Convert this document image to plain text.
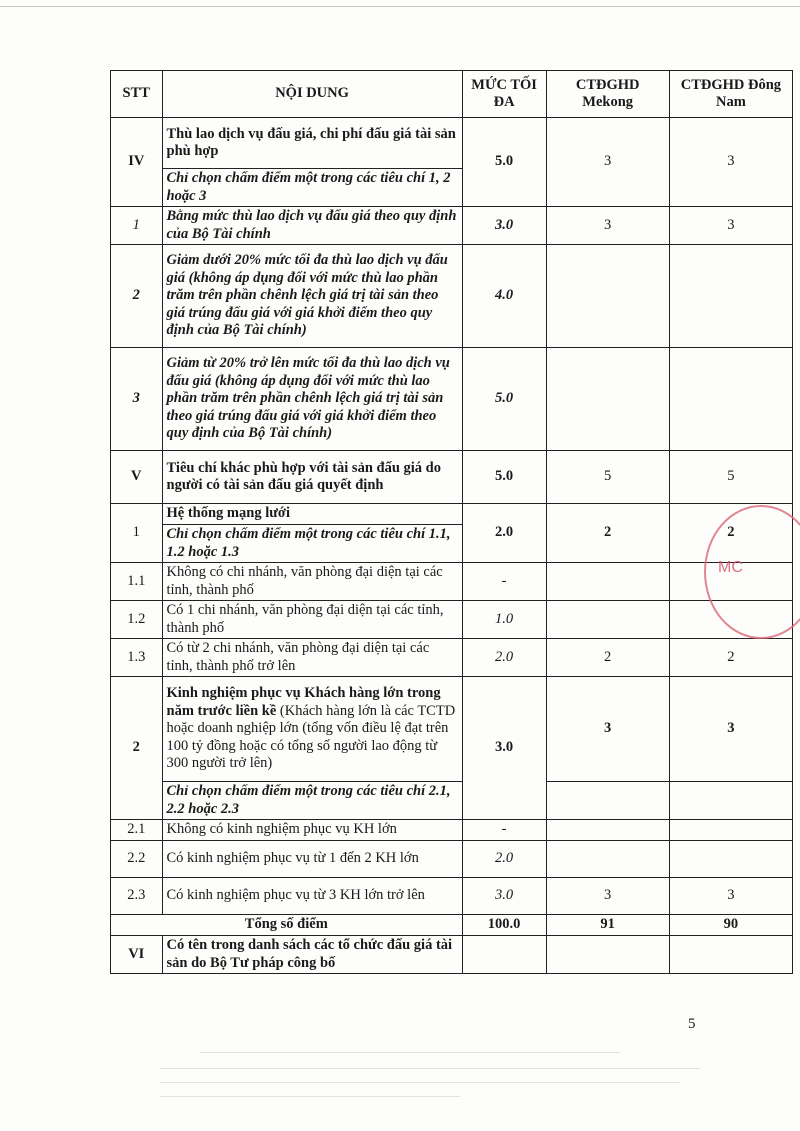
STT	NỘI DUNG	MỨC TỐI ĐA	CTĐGHD Mekong	CTĐGHD Đông Nam
IV	Thù lao dịch vụ đấu giá, chi phí đấu giá tài sản phù hợp	5.0	3	3
	Chỉ chọn chấm điểm một trong các tiêu chí 1, 2 hoặc 3			
1	Bằng mức thù lao dịch vụ đấu giá theo quy định của Bộ Tài chính	3.0	3	3
2	Giảm dưới 20% mức tối đa thù lao dịch vụ đấu giá (không áp dụng đối với mức thù lao phần trăm trên phần chênh lệch giá trị tài sản theo giá trúng đấu giá với giá khởi điểm theo quy định của Bộ Tài chính)	4.0		
3	Giảm từ 20% trở lên mức tối đa thù lao dịch vụ đấu giá (không áp dụng đối với mức thù lao phần trăm trên phần chênh lệch giá trị tài sản theo giá trúng đấu giá với giá khởi điểm theo quy định của Bộ Tài chính)	5.0		
V	Tiêu chí khác phù hợp với tài sản đấu giá do người có tài sản đấu giá quyết định	5.0	5	5
1	Hệ thống mạng lưới	2.0	2	2
	Chỉ chọn chấm điểm một trong các tiêu chí 1.1, 1.2 hoặc 1.3			
1.1	Không có chi nhánh, văn phòng đại diện tại các tỉnh, thành phố	-		
1.2	Có 1 chi nhánh, văn phòng đại diện tại các tỉnh, thành phố	1.0		
1.3	Có từ 2 chi nhánh, văn phòng đại diện tại các tỉnh, thành phố trở lên	2.0	2	2
2	Kinh nghiệm phục vụ Khách hàng lớn trong năm trước liền kề (Khách hàng lớn là các TCTD hoặc doanh nghiệp lớn (tổng vốn điều lệ đạt trên 100 tỷ đồng hoặc có tổng số người lao động từ 300 người trở lên)	3.0	3	3
	Chỉ chọn chấm điểm một trong các tiêu chí 2.1, 2.2 hoặc 2.3			
2.1	Không có kinh nghiệm phục vụ KH lớn	-		
2.2	Có kinh nghiệm phục vụ từ 1 đến 2 KH lớn	2.0		
2.3	Có kinh nghiệm phục vụ từ 3 KH lớn trở lên	3.0	3	3
Tổng số điểm		100.0	91	90
VI	Có tên trong danh sách các tổ chức đấu giá tài sản do Bộ Tư pháp công bố			
MC
5
